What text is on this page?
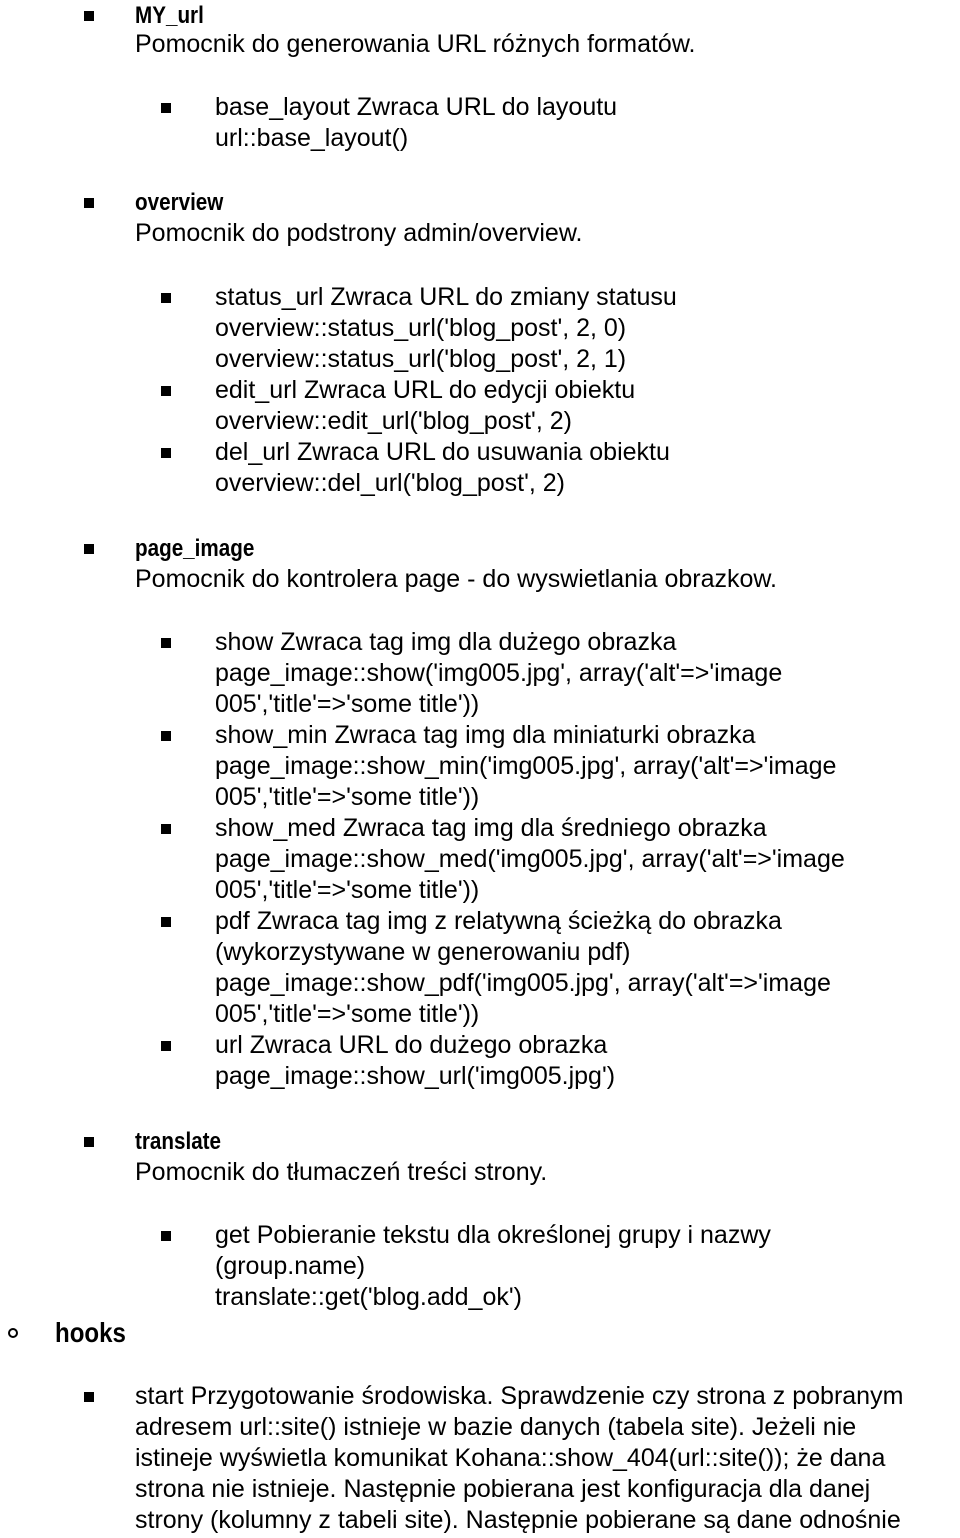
MY_url
Pomocnik do generowania URL różnych formatów.
base_layout Zwraca URL do layoutu
url::base_layout()
overview
Pomocnik do podstrony admin/overview.
status_url Zwraca URL do zmiany statusu
overview::status_url('blog_post', 2, 0)
overview::status_url('blog_post', 2, 1)
edit_url Zwraca URL do edycji obiektu
overview::edit_url('blog_post', 2)
del_url Zwraca URL do usuwania obiektu
overview::del_url('blog_post', 2)
page_image
Pomocnik do kontrolera page - do wyswietlania obrazkow.
show Zwraca tag img dla dużego obrazka
page_image::show('img005.jpg', array('alt'=>'image
005','title'=>'some title'))
show_min Zwraca tag img dla miniaturki obrazka
page_image::show_min('img005.jpg', array('alt'=>'image
005','title'=>'some title'))
show_med Zwraca tag img dla średniego obrazka
page_image::show_med('img005.jpg', array('alt'=>'image
005','title'=>'some title'))
pdf Zwraca tag img z relatywną ścieżką do obrazka
(wykorzystywane w generowaniu pdf)
page_image::show_pdf('img005.jpg', array('alt'=>'image
005','title'=>'some title'))
url Zwraca URL do dużego obrazka
page_image::show_url('img005.jpg')
translate
Pomocnik do tłumaczeń treści strony.
get Pobieranie tekstu dla określonej grupy i nazwy
(group.name)
translate::get('blog.add_ok')
hooks
start Przygotowanie środowiska. Sprawdzenie czy strona z pobranym
adresem url::site() istnieje w bazie danych (tabela site). Jeżeli nie
istineje wyświetla komunikat Kohana::show_404(url::site()); że dana
strona nie istnieje. Następnie pobierana jest konfiguracja dla danej
strony (kolumny z tabeli site). Następnie pobierane są dane odnośnie
